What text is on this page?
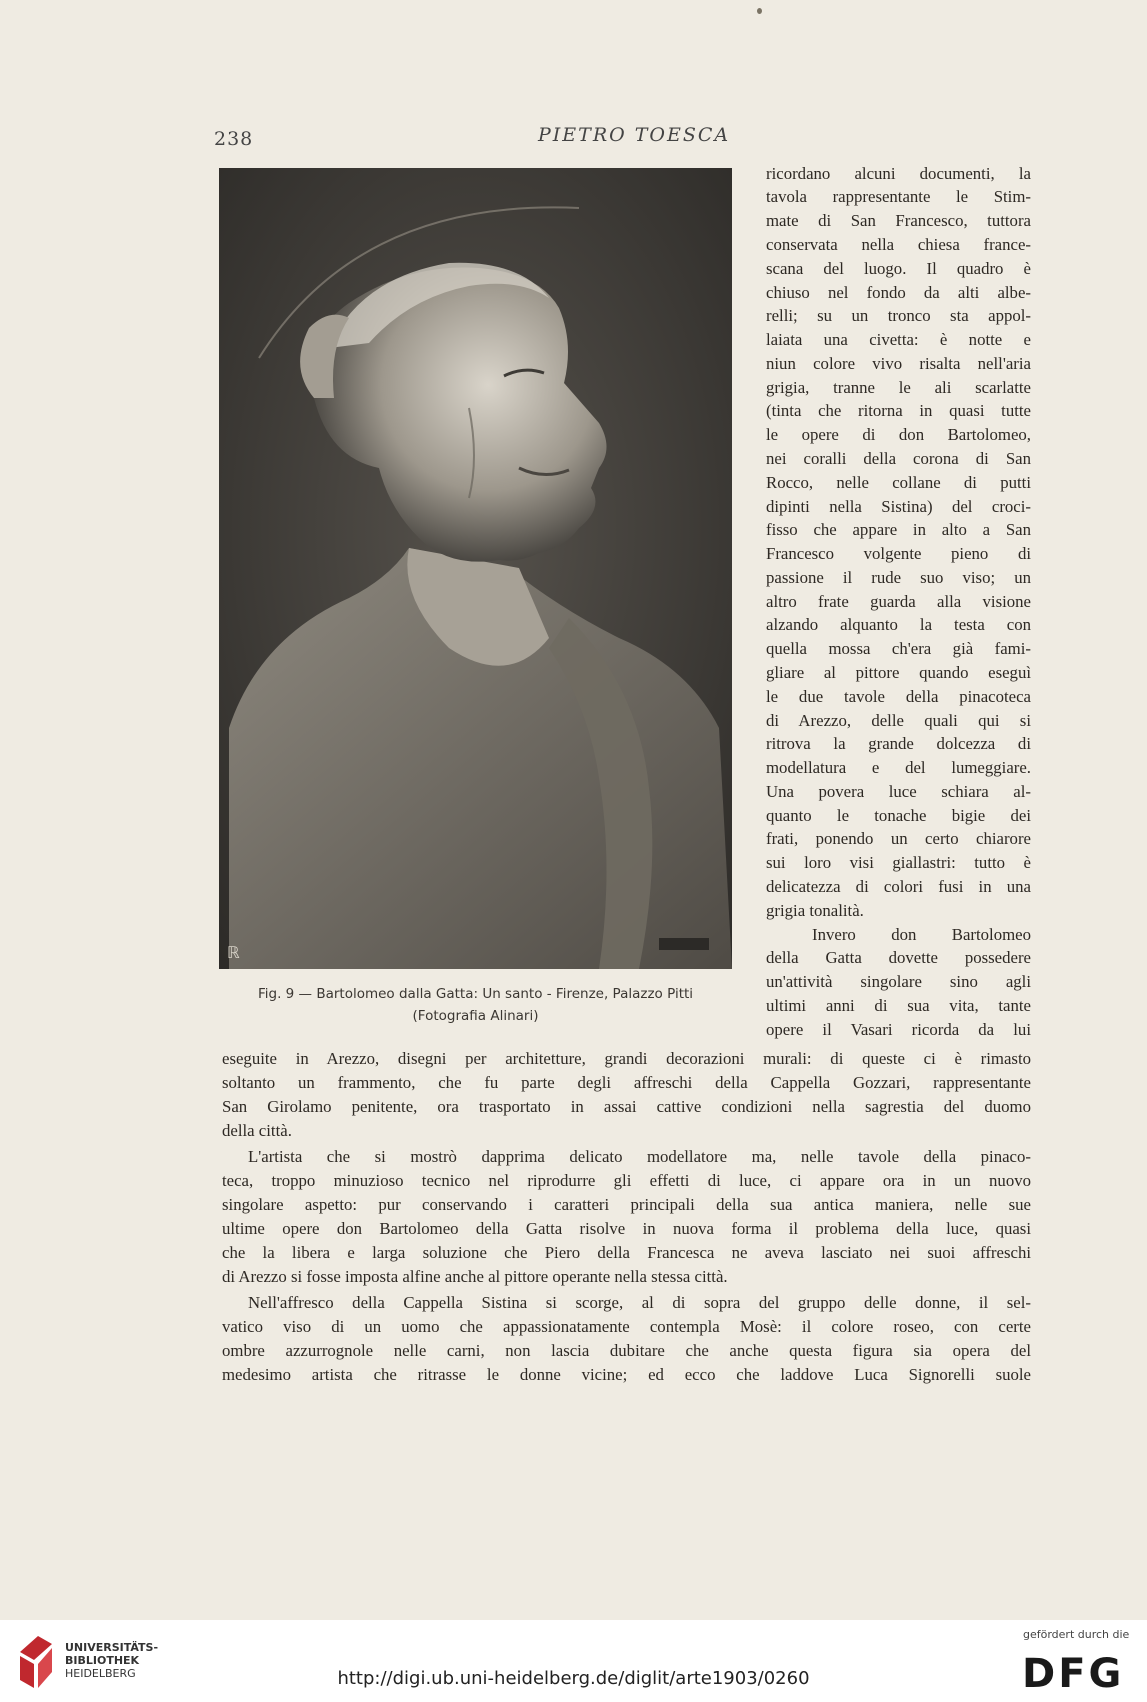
238	PIETRO TOESCA
ℝ
Fig. 9 — Bartolomeo dalla Gatta: Un santo - Firenze, Palazzo Pitti
(Fotografia Alinari)
ricordano alcuni documenti, la
tavola rappresentante le Stim-
mate di San Francesco, tuttora
conservata nella chiesa france-
scana del luogo. Il quadro è
chiuso nel fondo da alti albe-
relli; su un tronco sta appol-
laiata una civetta: è notte e
niun colore vivo risalta nell'aria
grigia, tranne le ali scarlatte
(tinta che ritorna in quasi tutte
le opere di don Bartolomeo,
nei coralli della corona di San
Rocco, nelle collane di putti
dipinti nella Sistina) del croci-
fisso che appare in alto a San
Francesco volgente pieno di
passione il rude suo viso; un
altro frate guarda alla visione
alzando alquanto la testa con
quella mossa ch'era già fami-
gliare al pittore quando eseguì
le due tavole della pinacoteca
di Arezzo, delle quali qui si
ritrova la grande dolcezza di
modellatura e del lumeggiare.
Una povera luce schiara al-
quanto le tonache bigie dei
frati, ponendo un certo chiarore
sui loro visi giallastri: tutto è
delicatezza di colori fusi in una
grigia tonalità.
Invero don Bartolomeo
della Gatta dovette possedere
un'attività singolare sino agli
ultimi anni di sua vita, tante
opere il Vasari ricorda da lui
eseguite in Arezzo, disegni per architetture, grandi decorazioni murali: di queste ci è rimasto
soltanto un frammento, che fu parte degli affreschi della Cappella Gozzari, rappresentante
San Girolamo penitente, ora trasportato in assai cattive condizioni nella sagrestia del duomo
della città.
L'artista che si mostrò dapprima delicato modellatore ma, nelle tavole della pinaco-
teca, troppo minuzioso tecnico nel riprodurre gli effetti di luce, ci appare ora in un nuovo
singolare aspetto: pur conservando i caratteri principali della sua antica maniera, nelle sue
ultime opere don Bartolomeo della Gatta risolve in nuova forma il problema della luce, quasi
che la libera e larga soluzione che Piero della Francesca ne aveva lasciato nei suoi affreschi
di Arezzo si fosse imposta alfine anche al pittore operante nella stessa città.
Nell'affresco della Cappella Sistina si scorge, al di sopra del gruppo delle donne, il sel-
vatico viso di un uomo che appassionatamente contempla Mosè: il colore roseo, con certe
ombre azzurrognole nelle carni, non lascia dubitare che anche questa figura sia opera del
medesimo artista che ritrasse le donne vicine; ed ecco che laddove Luca Signorelli suole
UNIVERSITÄTS-
BIBLIOTHEK
HEIDELBERG	http://digi.ub.uni-heidelberg.de/diglit/arte1903/0260
gefördert durch die
DFG
